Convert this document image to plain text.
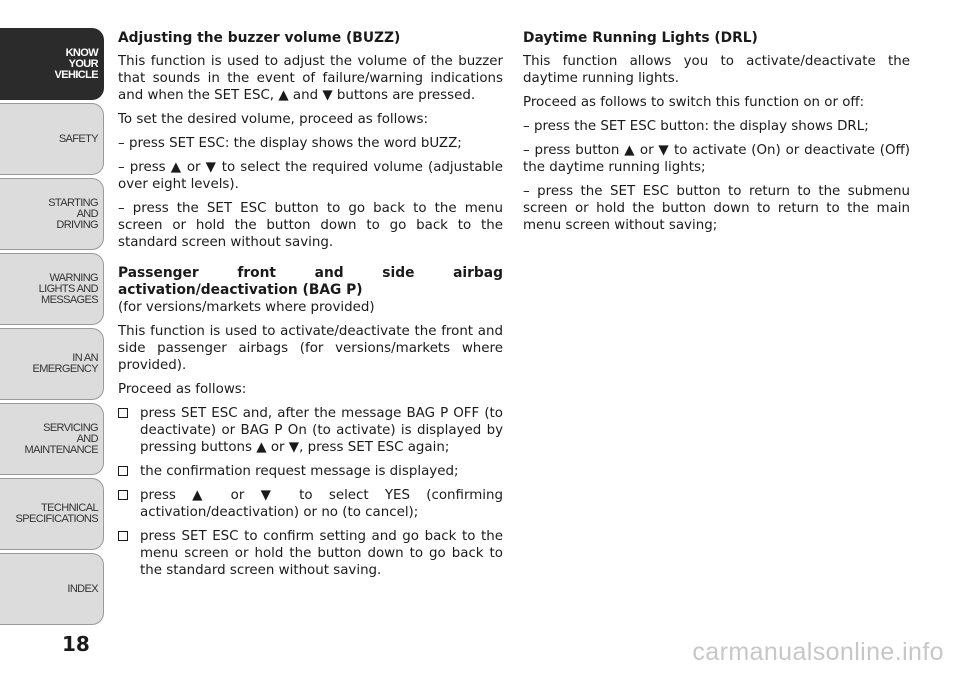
KNOW
YOUR
VEHICLE
SAFETY
STARTING
AND
DRIVING
WARNING
LIGHTS AND
MESSAGES
IN AN
EMERGENCY
SERVICING
AND
MAINTENANCE
TECHNICAL
SPECIFICATIONS
INDEX
18
Adjusting the buzzer volume (BUZZ)

This function is used to adjust the volume of the buzzer that sounds in the event of failure/warning indications and when the SET ESC, ▲ and ▼ buttons are pressed.

To set the desired volume, proceed as follows:

– press SET ESC: the display shows the word bUZZ;

– press ▲ or ▼ to select the required volume (adjustable over eight levels).

– press the SET ESC button to go back to the menu screen or hold the button down to go back to the standard screen without saving.

Passenger front and side airbag activation/deactivation (BAG P)

(for versions/markets where provided)

This function is used to activate/deactivate the front and side passenger airbags (for versions/markets where provided).

Proceed as follows:

press SET ESC and, after the message BAG P OFF (to deactivate) or BAG P On (to activate) is displayed by pressing buttons ▲ or ▼, press SET ESC again;
the confirmation request message is displayed;
press ▲ or ▼ to select YES (confirming activation/deactivation) or no (to cancel);
press SET ESC to confirm setting and go back to the menu screen or hold the button down to go back to the standard screen without saving.
Daytime Running Lights (DRL)

This function allows you to activate/deactivate the daytime running lights.

Proceed as follows to switch this function on or off:

– press the SET ESC button: the display shows DRL;

– press button ▲ or ▼ to activate (On) or deactivate (Off) the daytime running lights;

– press the SET ESC button to return to the submenu screen or hold the button down to return to the main menu screen without saving;

carmanualsonline.info
